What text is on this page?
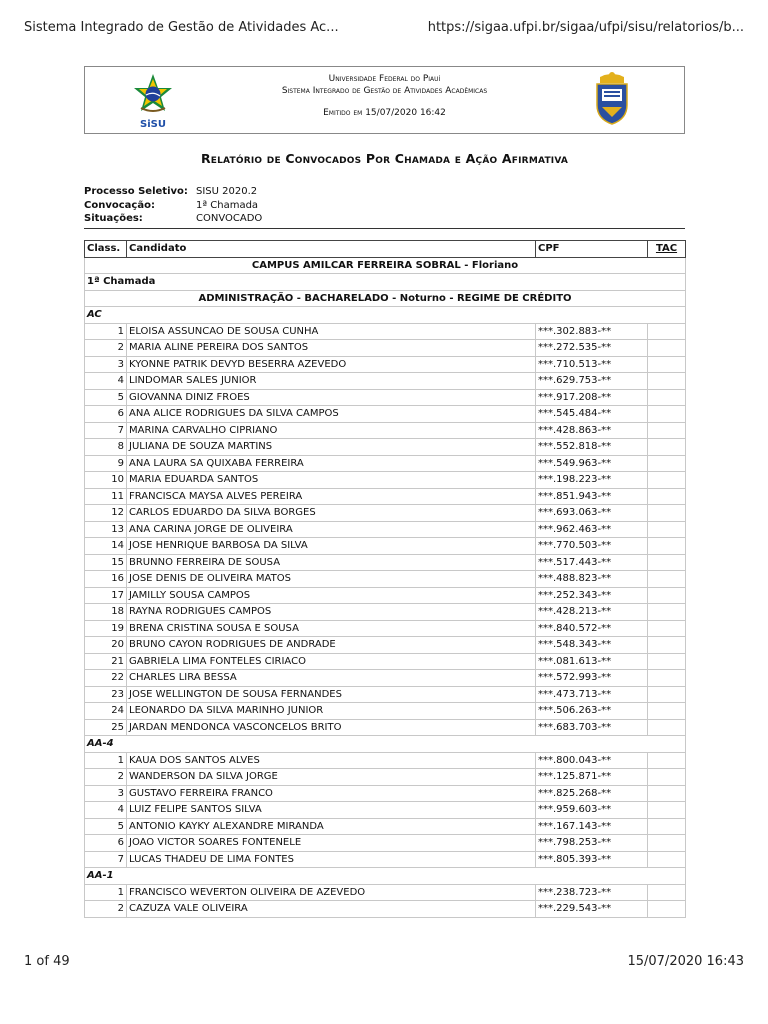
Sistema Integrado de Gestão de Atividades Ac...	https://sigaa.ufpi.br/sigaa/ufpi/sisu/relatorios/b...
SiSU
Universidade Federal do Piauí
Sistema Integrado de Gestão de Atividades Acadêmicas
Emitido em 15/07/2020 16:42
Relatório de Convocados Por Chamada e Ação Afirmativa
Processo Seletivo: SISU 2020.2
Convocação:	1ª Chamada
Situações:	CONVOCADO
Class.	Candidato	CPF	TAC
CAMPUS AMILCAR FERREIRA SOBRAL - Floriano			
1ª Chamada			
ADMINISTRAÇÃO - BACHARELADO - Noturno - REGIME DE CRÉDITO			
AC			
1	ELOISA ASSUNCAO DE SOUSA CUNHA	***.302.883-**	
2	MARIA ALINE PEREIRA DOS SANTOS	***.272.535-**	
3	KYONNE PATRIK DEVYD BESERRA AZEVEDO	***.710.513-**	
4	LINDOMAR SALES JUNIOR	***.629.753-**	
5	GIOVANNA DINIZ FROES	***.917.208-**	
6	ANA ALICE RODRIGUES DA SILVA CAMPOS	***.545.484-**	
7	MARINA CARVALHO CIPRIANO	***.428.863-**	
8	JULIANA DE SOUZA MARTINS	***.552.818-**	
9	ANA LAURA SA QUIXABA FERREIRA	***.549.963-**	
10	MARIA EDUARDA SANTOS	***.198.223-**	
11	FRANCISCA MAYSA ALVES PEREIRA	***.851.943-**	
12	CARLOS EDUARDO DA SILVA BORGES	***.693.063-**	
13	ANA CARINA JORGE DE OLIVEIRA	***.962.463-**	
14	JOSE HENRIQUE BARBOSA DA SILVA	***.770.503-**	
15	BRUNNO FERREIRA DE SOUSA	***.517.443-**	
16	JOSE DENIS DE OLIVEIRA MATOS	***.488.823-**	
17	JAMILLY SOUSA CAMPOS	***.252.343-**	
18	RAYNA RODRIGUES CAMPOS	***.428.213-**	
19	BRENA CRISTINA SOUSA E SOUSA	***.840.572-**	
20	BRUNO CAYON RODRIGUES DE ANDRADE	***.548.343-**	
21	GABRIELA LIMA FONTELES CIRIACO	***.081.613-**	
22	CHARLES LIRA BESSA	***.572.993-**	
23	JOSE WELLINGTON DE SOUSA FERNANDES	***.473.713-**	
24	LEONARDO DA SILVA MARINHO JUNIOR	***.506.263-**	
25	JARDAN MENDONCA VASCONCELOS BRITO	***.683.703-**	
AA-4			
1	KAUA DOS SANTOS ALVES	***.800.043-**	
2	WANDERSON DA SILVA JORGE	***.125.871-**	
3	GUSTAVO FERREIRA FRANCO	***.825.268-**	
4	LUIZ FELIPE SANTOS SILVA	***.959.603-**	
5	ANTONIO KAYKY ALEXANDRE MIRANDA	***.167.143-**	
6	JOAO VICTOR SOARES FONTENELE	***.798.253-**	
7	LUCAS THADEU DE LIMA FONTES	***.805.393-**	
AA-1			
1	FRANCISCO WEVERTON OLIVEIRA DE AZEVEDO	***.238.723-**	
2	CAZUZA VALE OLIVEIRA	***.229.543-**	
1 of 49	15/07/2020 16:43
